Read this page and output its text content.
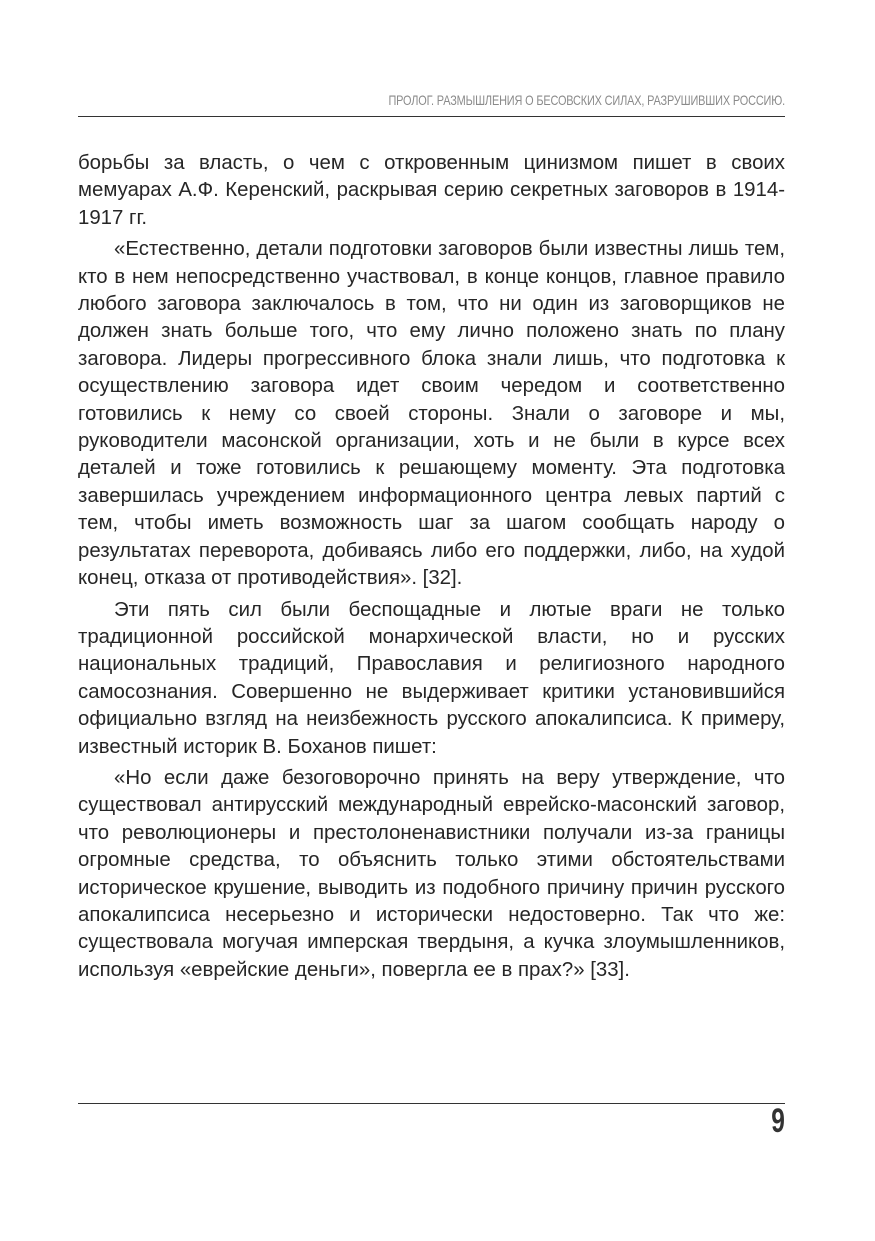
ПРОЛОГ. РАЗМЫШЛЕНИЯ О БЕСОВСКИХ СИЛАХ, РАЗРУШИВШИХ РОССИЮ.

борьбы за власть, о чем с откровенным цинизмом пишет в своих мемуарах А.Ф. Керенский, раскрывая серию секретных заговоров в 1914-1917 гг.

«Естественно, детали подготовки заговоров были известны лишь тем, кто в нем непосредственно участвовал, в конце концов, главное правило любого заговора заключалось в том, что ни один из заговорщиков не должен знать больше того, что ему лично положено знать по плану заговора. Лидеры прогрессивного блока знали лишь, что подготовка к осуществлению заговора идет своим чередом и соответственно готовились к нему со своей стороны. Знали о заговоре и мы, руководители масонской организации, хоть и не были в курсе всех деталей и тоже готовились к решающему моменту. Эта подготовка завершилась учреждением информационного центра левых партий с тем, чтобы иметь возможность шаг за шагом сообщать народу о результатах переворота, добиваясь либо его поддержки, либо, на худой конец, отказа от противодействия». [32].

Эти пять сил были беспощадные и лютые враги не только традиционной российской монархической власти, но и русских национальных традиций, Православия и религиозного народного самосознания. Совершенно не выдерживает критики установившийся официально взгляд на неизбежность русского апокалипсиса. К примеру, известный историк В. Боханов пишет:

«Но если даже безоговорочно принять на веру утверждение, что существовал антирусский международный еврейско-масонский заговор, что революционеры и престолоненавистники получали из-за границы огромные средства, то объяснить только этими обстоятельствами историческое крушение, выводить из подобного причину причин русского апокалипсиса несерьезно и исторически недостоверно. Так что же: существовала могучая имперская твердыня, а кучка злоумышленников, используя «еврейские деньги», повергла ее в прах?» [33].

9
